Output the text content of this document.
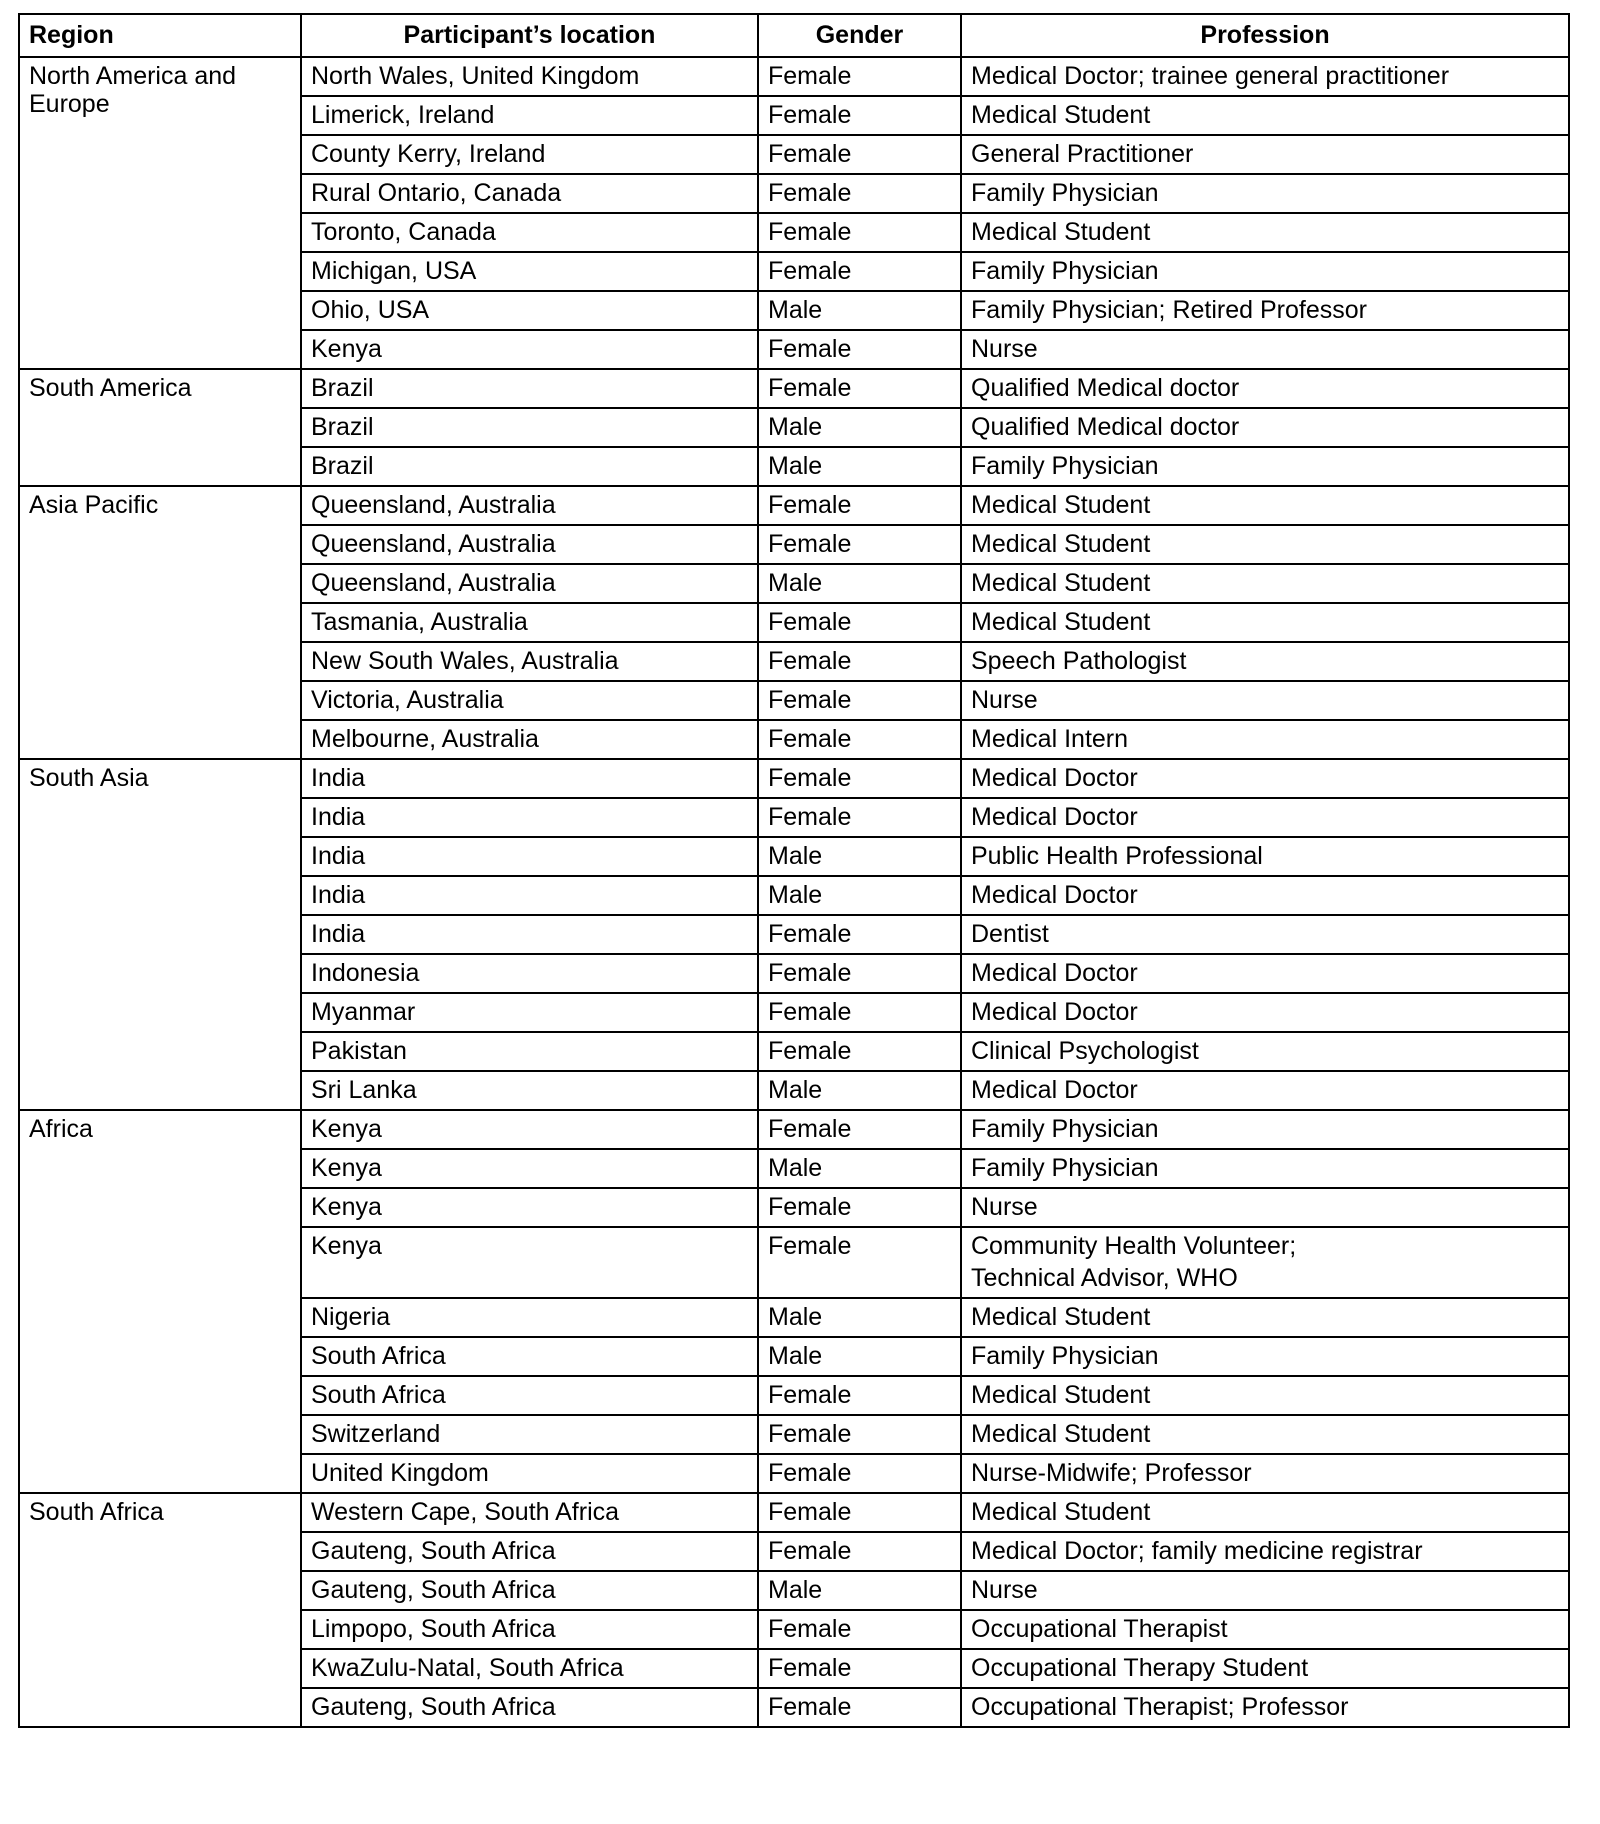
Region	Participant’s location	Gender	Profession
North America and Europe	North Wales, United Kingdom	Female	Medical Doctor; trainee general practitioner
	Limerick, Ireland	Female	Medical Student
	County Kerry, Ireland	Female	General Practitioner
	Rural Ontario, Canada	Female	Family Physician
	Toronto, Canada	Female	Medical Student
	Michigan, USA	Female	Family Physician
	Ohio, USA	Male	Family Physician; Retired Professor
	Kenya	Female	Nurse
South America	Brazil	Female	Qualified Medical doctor
	Brazil	Male	Qualified Medical doctor
	Brazil	Male	Family Physician
Asia Pacific	Queensland, Australia	Female	Medical Student
	Queensland, Australia	Female	Medical Student
	Queensland, Australia	Male	Medical Student
	Tasmania, Australia	Female	Medical Student
	New South Wales, Australia	Female	Speech Pathologist
	Victoria, Australia	Female	Nurse
	Melbourne, Australia	Female	Medical Intern
South Asia	India	Female	Medical Doctor
	India	Female	Medical Doctor
	India	Male	Public Health Professional
	India	Male	Medical Doctor
	India	Female	Dentist
	Indonesia	Female	Medical Doctor
	Myanmar	Female	Medical Doctor
	Pakistan	Female	Clinical Psychologist
	Sri Lanka	Male	Medical Doctor
Africa	Kenya	Female	Family Physician
	Kenya	Male	Family Physician
	Kenya	Female	Nurse
	Kenya	Female	Community Health Volunteer;
Technical Advisor, WHO

	Nigeria	Male	Medical Student
	South Africa	Male	Family Physician
	South Africa	Female	Medical Student
	Switzerland	Female	Medical Student
	United Kingdom	Female	Nurse-Midwife; Professor
South Africa	Western Cape, South Africa	Female	Medical Student
	Gauteng, South Africa	Female	Medical Doctor; family medicine registrar
	Gauteng, South Africa	Male	Nurse
	Limpopo, South Africa	Female	Occupational Therapist
	KwaZulu-Natal, South Africa	Female	Occupational Therapy Student
	Gauteng, South Africa	Female	Occupational Therapist; Professor
